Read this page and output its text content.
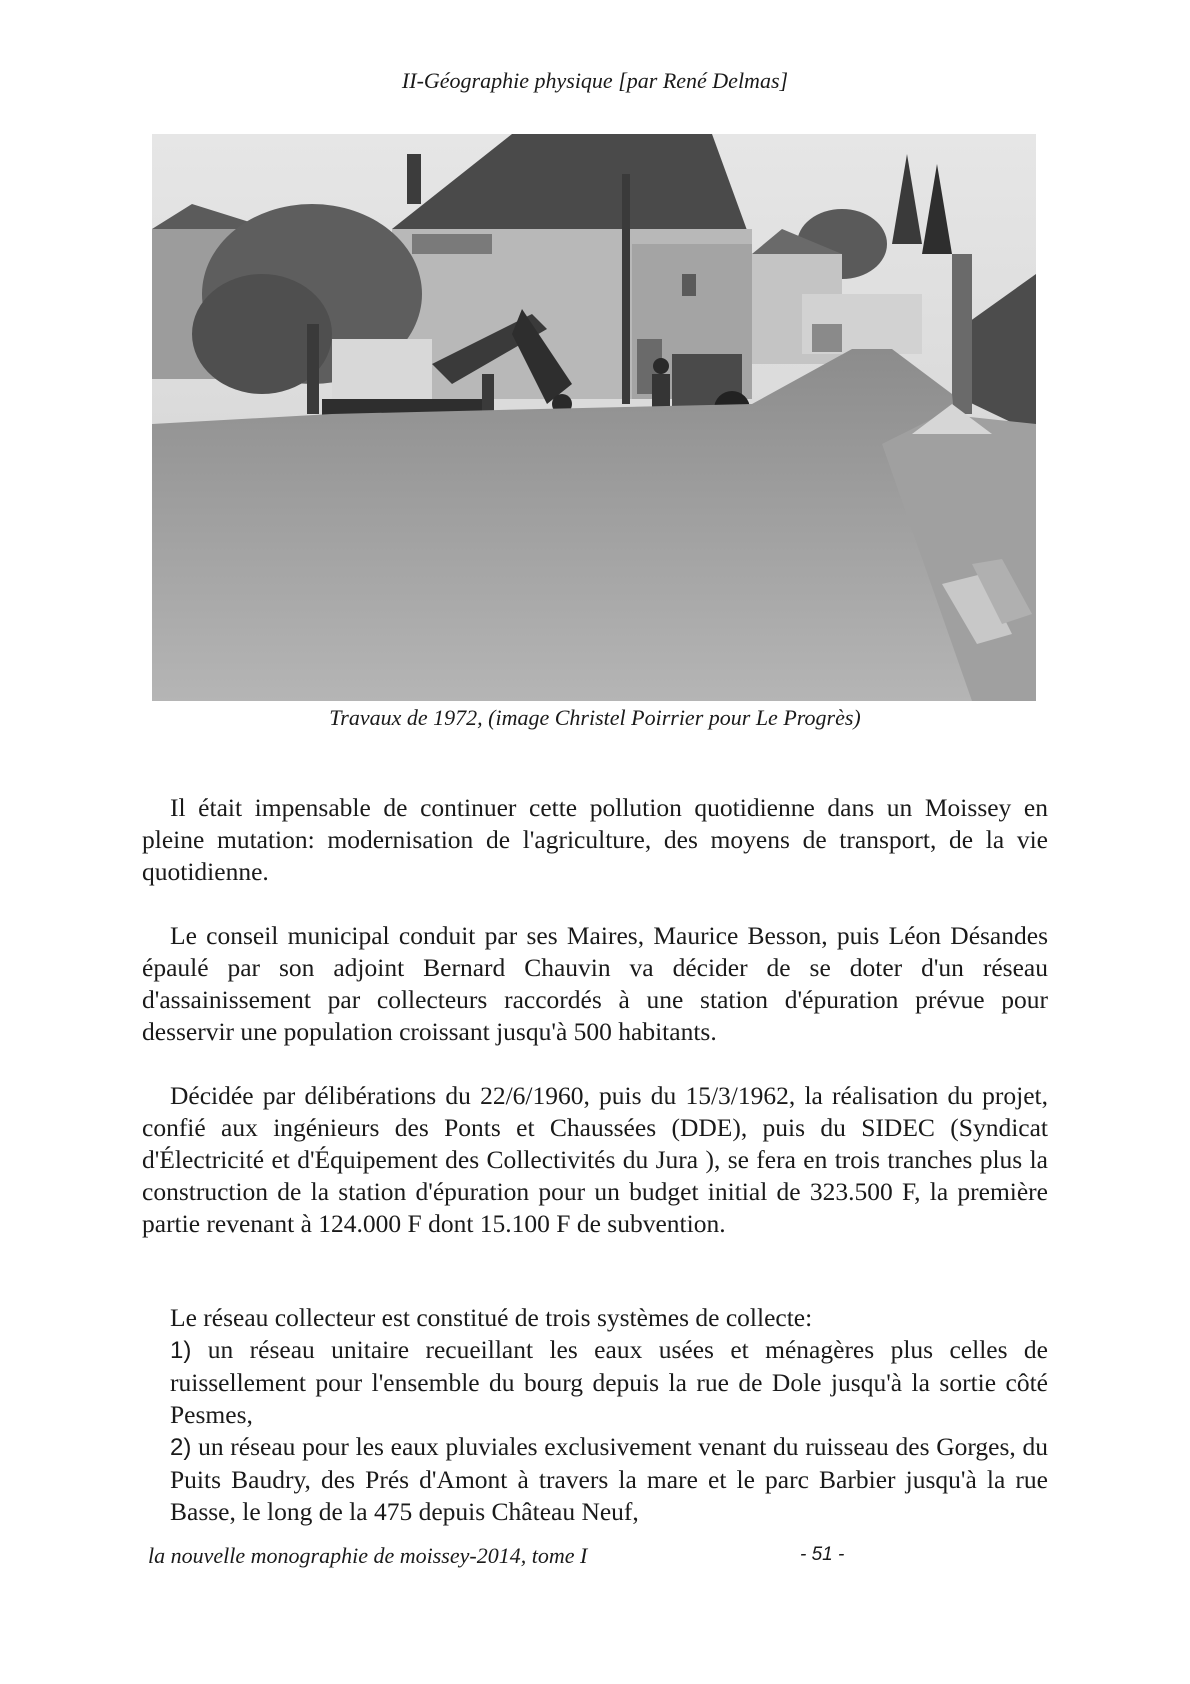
II-Géographie physique [par René Delmas]
Travaux de 1972, (image Christel Poirrier pour Le Progrès)

Il était impensable de continuer cette pollution quotidienne dans un Moissey en pleine mutation: modernisation de l'agriculture, des moyens de transport, de la vie quotidienne.

Le conseil municipal conduit par ses Maires, Maurice Besson, puis Léon Désandes épaulé par son adjoint Bernard Chauvin va décider de se doter d'un réseau d'assainissement par collecteurs raccordés à une station d'épuration prévue pour desservir une population croissant jusqu'à 500 habitants.

Décidée par délibérations du 22/6/1960, puis du 15/3/1962, la réalisation du projet, confié aux ingénieurs des Ponts et Chaussées (DDE), puis du SIDEC (Syndicat d'Électricité et d'Équipement des Collectivités du Jura ), se fera en trois tranches plus la construction de la station d'épuration pour un budget initial de 323.500 F, la première partie revenant à 124.000 F dont 15.100 F de subvention.

Le réseau collecteur est constitué de trois systèmes de collecte:

1) un réseau unitaire recueillant les eaux usées et ménagères plus celles de ruissellement pour l'ensemble du bourg depuis la rue de Dole jusqu'à la sortie côté Pesmes,

2) un réseau pour les eaux pluviales exclusivement venant du ruisseau des Gorges, du Puits Baudry, des Prés d'Amont à travers la mare et le parc Barbier jusqu'à la rue Basse, le long de la 475 depuis Château Neuf,

la nouvelle monographie de moissey-2014, tome I	- 51 -
